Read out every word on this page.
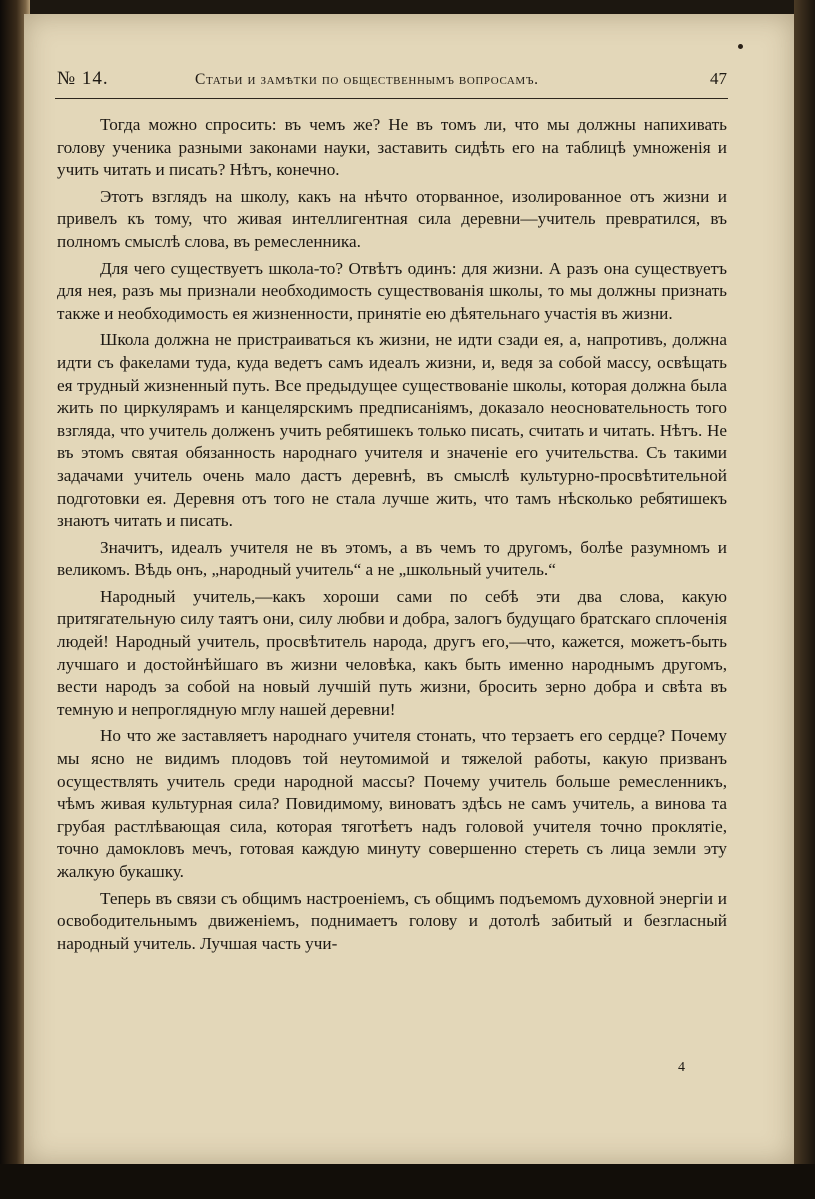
№ 14.	Статьи и замѣтки по общественнымъ вопросамъ.	47

Тогда можно спросить: въ чемъ же? Не въ томъ ли, что мы должны напихивать голову ученика разными законами науки, заставить сидѣть его на таблицѣ умноженія и учить читать и писать? Нѣтъ, конечно.

Этотъ взглядъ на школу, какъ на нѣчто оторванное, изолированное отъ жизни и привелъ къ тому, что живая интеллигентная сила деревни—учитель превратился, въ полномъ смыслѣ слова, въ ремесленника.

Для чего существуетъ школа-то? Отвѣтъ одинъ: для жизни. А разъ она существуетъ для нея, разъ мы признали необходимость существованія школы, то мы должны признать также и необходимость ея жизненности, принятіе ею дѣятельнаго участія въ жизни.

Школа должна не пристраиваться къ жизни, не идти сзади ея, а, напротивъ, должна идти съ факелами туда, куда ведетъ самъ идеалъ жизни, и, ведя за собой массу, освѣщать ея трудный жизненный путь. Все предыдущее существованіе школы, которая должна была жить по циркулярамъ и канцелярскимъ предписаніямъ, доказало неосновательность того взгляда, что учитель долженъ учить ребятишекъ только писать, считать и читать. Нѣтъ. Не въ этомъ святая обязанность народнаго учителя и значеніе его учительства. Съ такими задачами учитель очень мало дастъ деревнѣ, въ смыслѣ культурно-просвѣтительной подготовки ея. Деревня отъ того не стала лучше жить, что тамъ нѣсколько ребятишекъ знаютъ читать и писать.

Значитъ, идеалъ учителя не въ этомъ, а въ чемъ то другомъ, болѣе разумномъ и великомъ. Вѣдь онъ, „народный учитель“ а не „школьный учитель.“

Народный учитель,—какъ хороши сами по себѣ эти два слова, какую притягательную силу таятъ они, силу любви и добра, залогъ будущаго братскаго сплоченія людей! Народный учитель, просвѣтитель народа, другъ его,—что, кажется, можетъ-быть лучшаго и достойнѣйшаго въ жизни человѣка, какъ быть именно народнымъ другомъ, вести народъ за собой на новый лучшій путь жизни, бросить зерно добра и свѣта въ темную и непроглядную мглу нашей деревни!

Но что же заставляетъ народнаго учителя стонать, что терзаетъ его сердце? Почему мы ясно не видимъ плодовъ той неутомимой и тяжелой работы, какую призванъ осуществлять учитель среди народной массы? Почему учитель больше ремесленникъ, чѣмъ живая культурная сила? Повидимому, виноватъ здѣсь не самъ учитель, а винова та грубая растлѣвающая сила, которая тяготѣетъ надъ головой учителя точно проклятіе, точно дамокловъ мечъ, готовая каждую минуту совершенно стереть съ лица земли эту жалкую букашку.

Теперь въ связи съ общимъ настроеніемъ, съ общимъ подъемомъ духовной энергіи и освободительнымъ движеніемъ, поднимаетъ голову и дотолѣ забитый и безгласный народный учитель. Лучшая часть учи-

4
